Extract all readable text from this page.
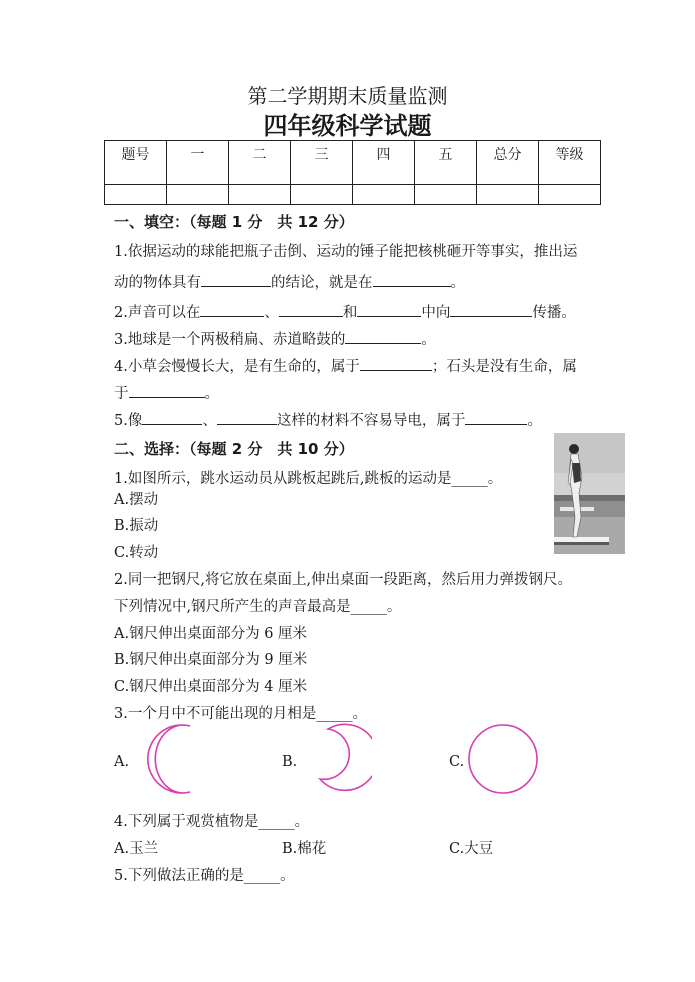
第二学期期末质量监测
四年级科学试题
题号	一	二	三	四	五	总分	等级

一、填空：（每题 1 分　共 12 分）
1.依据运动的球能把瓶子击倒、运动的锤子能把核桃砸开等事实，推出运
动的物体具有	的结论，就是在	。
2.声音可以在	、	和	中向	传播。
3.地球是一个两极稍扁、赤道略鼓的	。
4.小草会慢慢长大，是有生命的，属于	；石头是没有生命，属
于	。
5.像	、	这样的材料不容易导电，属于	。
二、选择：（每题 2 分　共 10 分）
1.如图所示，跳水运动员从跳板起跳后,跳板的运动是_____。
A.摆动
B.振动
C.转动
2.同一把钢尺,将它放在桌面上,伸出桌面一段距离，然后用力弹拨钢尺。
下列情况中,钢尺所产生的声音最高是_____。
A.钢尺伸出桌面部分为 6 厘米
B.钢尺伸出桌面部分为 9 厘米
C.钢尺伸出桌面部分为 4 厘米
3.一个月中不可能出现的月相是_____。
A.	B.	C.
4.下列属于观赏植物是_____。
A.玉兰	B.棉花	C.大豆
5.下列做法正确的是_____。
